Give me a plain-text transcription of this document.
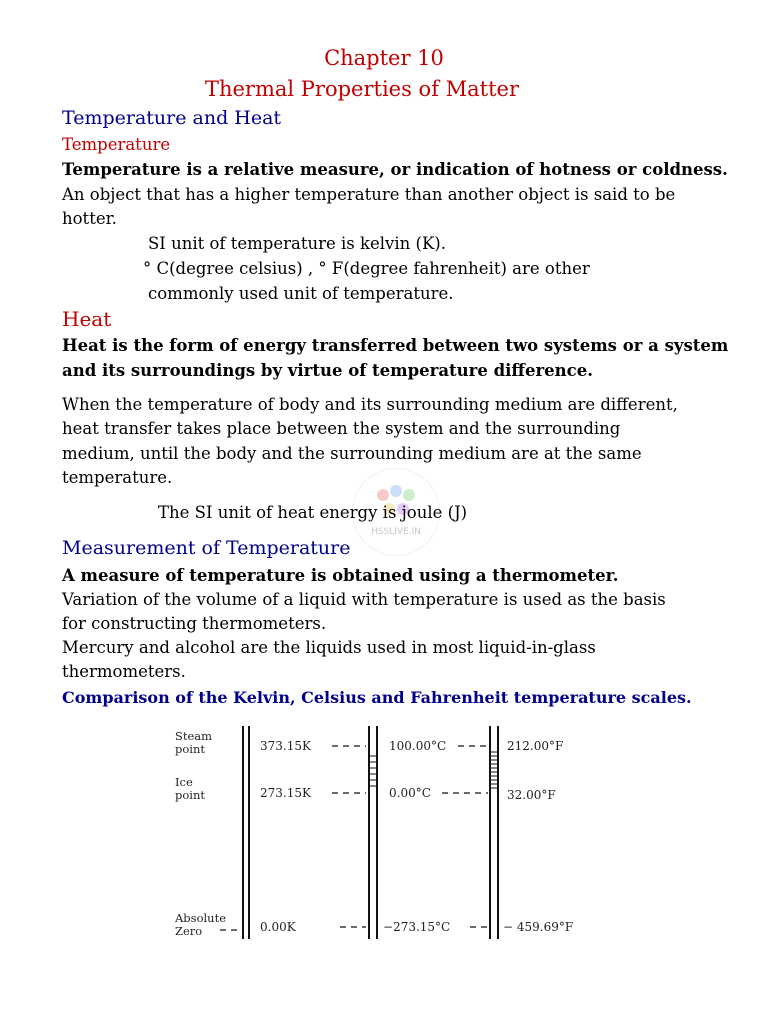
Chapter 10
Thermal Properties of Matter
Temperature and Heat
Temperature
Temperature is a relative measure, or indication of hotness or coldness.
An object that has a higher temperature than another object is said to be
hotter.
SI unit of temperature is kelvin (K).
° C(degree celsius) , ° F(degree fahrenheit) are other
commonly used unit of temperature.
Heat
Heat is the form of energy transferred between two systems or a system
and its surroundings by virtue of temperature difference.
When the temperature of body and its surrounding medium are different,
heat transfer takes place between the system and the surrounding
medium, until the body and the surrounding medium are at the same
temperature.
HSSLIVE.IN
The SI unit of heat energy is joule (J)
Measurement of Temperature
A measure of temperature is obtained using a thermometer.
Variation of the volume of a liquid with temperature is used as the basis
for constructing thermometers.
Mercury and alcohol are the liquids used in most liquid-in-glass
thermometers.
Comparison of the Kelvin, Celsius and Fahrenheit temperature scales.
Steam
point	373.15K	100.00°C	212.00°F
Ice
point	273.15K	0.00°C	32.00°F
Absolute
Zero	0.00K	−273.15°C	− 459.69°F
